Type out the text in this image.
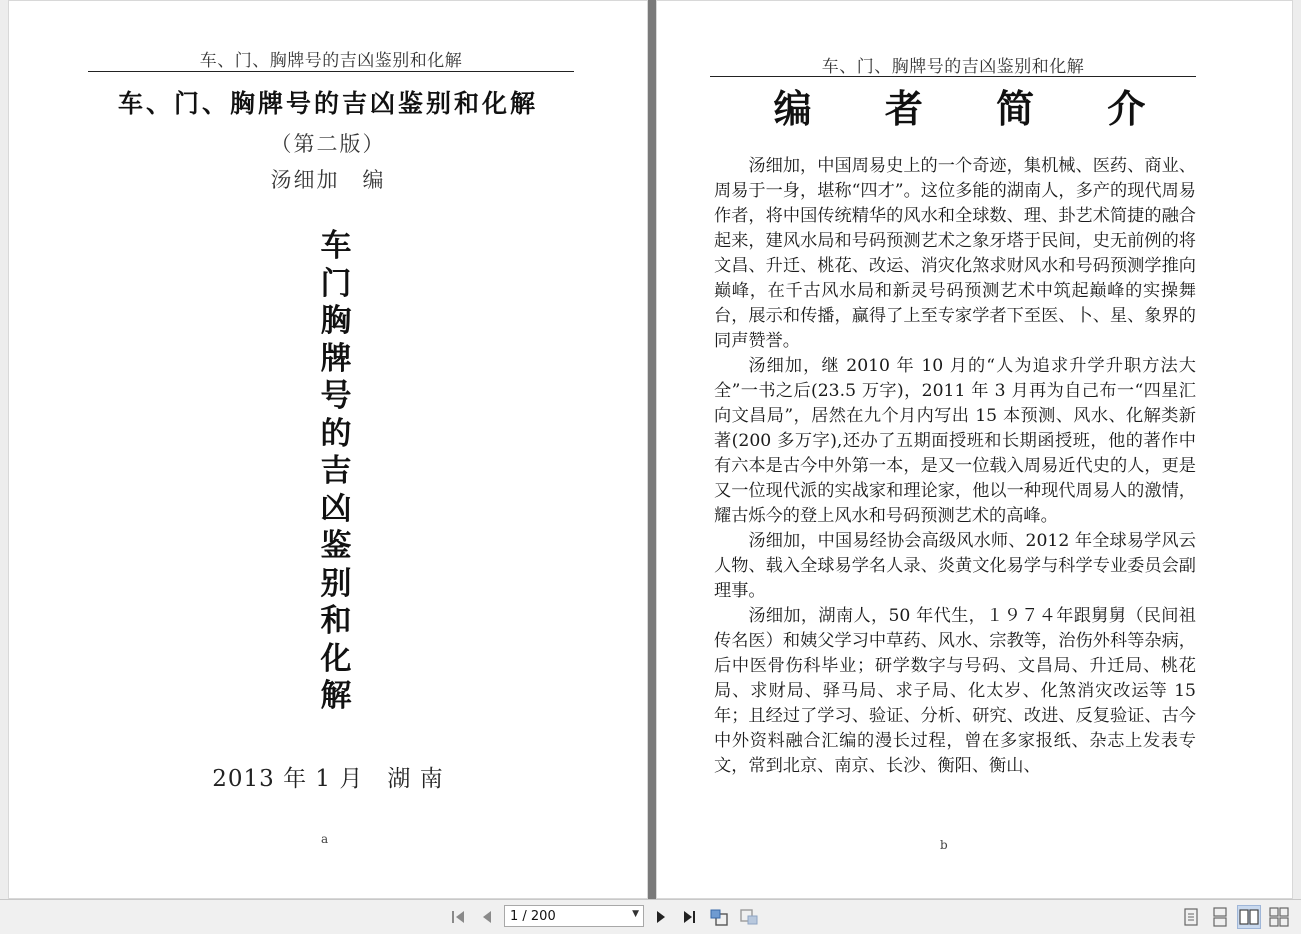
车、门、胸牌号的吉凶鉴别和化解
车、门、胸牌号的吉凶鉴别和化解
（第二版）
汤细加　编
车
门
胸
牌
号
的
吉
凶
鉴
别
和
化
解
2013 年 1 月　湖 南
a
车、门、胸牌号的吉凶鉴别和化解
编 者 简 介

汤细加，中国周易史上的一个奇迹，集机械、医药、商业、周易于一身，堪称“四才”。这位多能的湖南人，多产的现代周易作者，将中国传统精华的风水和全球数、理、卦艺术简捷的融合起来，建风水局和号码预测艺术之象牙塔于民间，史无前例的将文昌、升迁、桃花、改运、消灾化煞求财风水和号码预测学推向巅峰，在千古风水局和新灵号码预测艺术中筑起巅峰的实操舞台，展示和传播，赢得了上至专家学者下至医、卜、星、象界的同声赞誉。

汤细加，继 2010 年 10 月的“人为追求升学升职方法大全”一书之后(23.5 万字)，2011 年 3 月再为自己布一“四星汇向文昌局”，居然在九个月内写出 15 本预测、风水、化解类新著(200 多万字),还办了五期面授班和长期函授班，他的著作中有六本是古今中外第一本，是又一位载入周易近代史的人，更是又一位现代派的实战家和理论家，他以一种现代周易人的激情，耀古烁今的登上风水和号码预测艺术的高峰。

汤细加，中国易经协会高级风水师、2012 年全球易学风云人物、载入全球易学名人录、炎黄文化易学与科学专业委员会副理事。

汤细加，湖南人，50 年代生，１９７４年跟舅舅（民间祖传名医）和姨父学习中草药、风水、宗教等，治伤外科等杂病，后中医骨伤科毕业；研学数字与号码、文昌局、升迁局、桃花局、求财局、驿马局、求子局、化太岁、化煞消灾改运等 15 年；且经过了学习、验证、分析、研究、改进、反复验证、古今中外资料融合汇编的漫长过程，曾在多家报纸、杂志上发表专文，常到北京、南京、长沙、衡阳、衡山、

b
1 / 200	▼
